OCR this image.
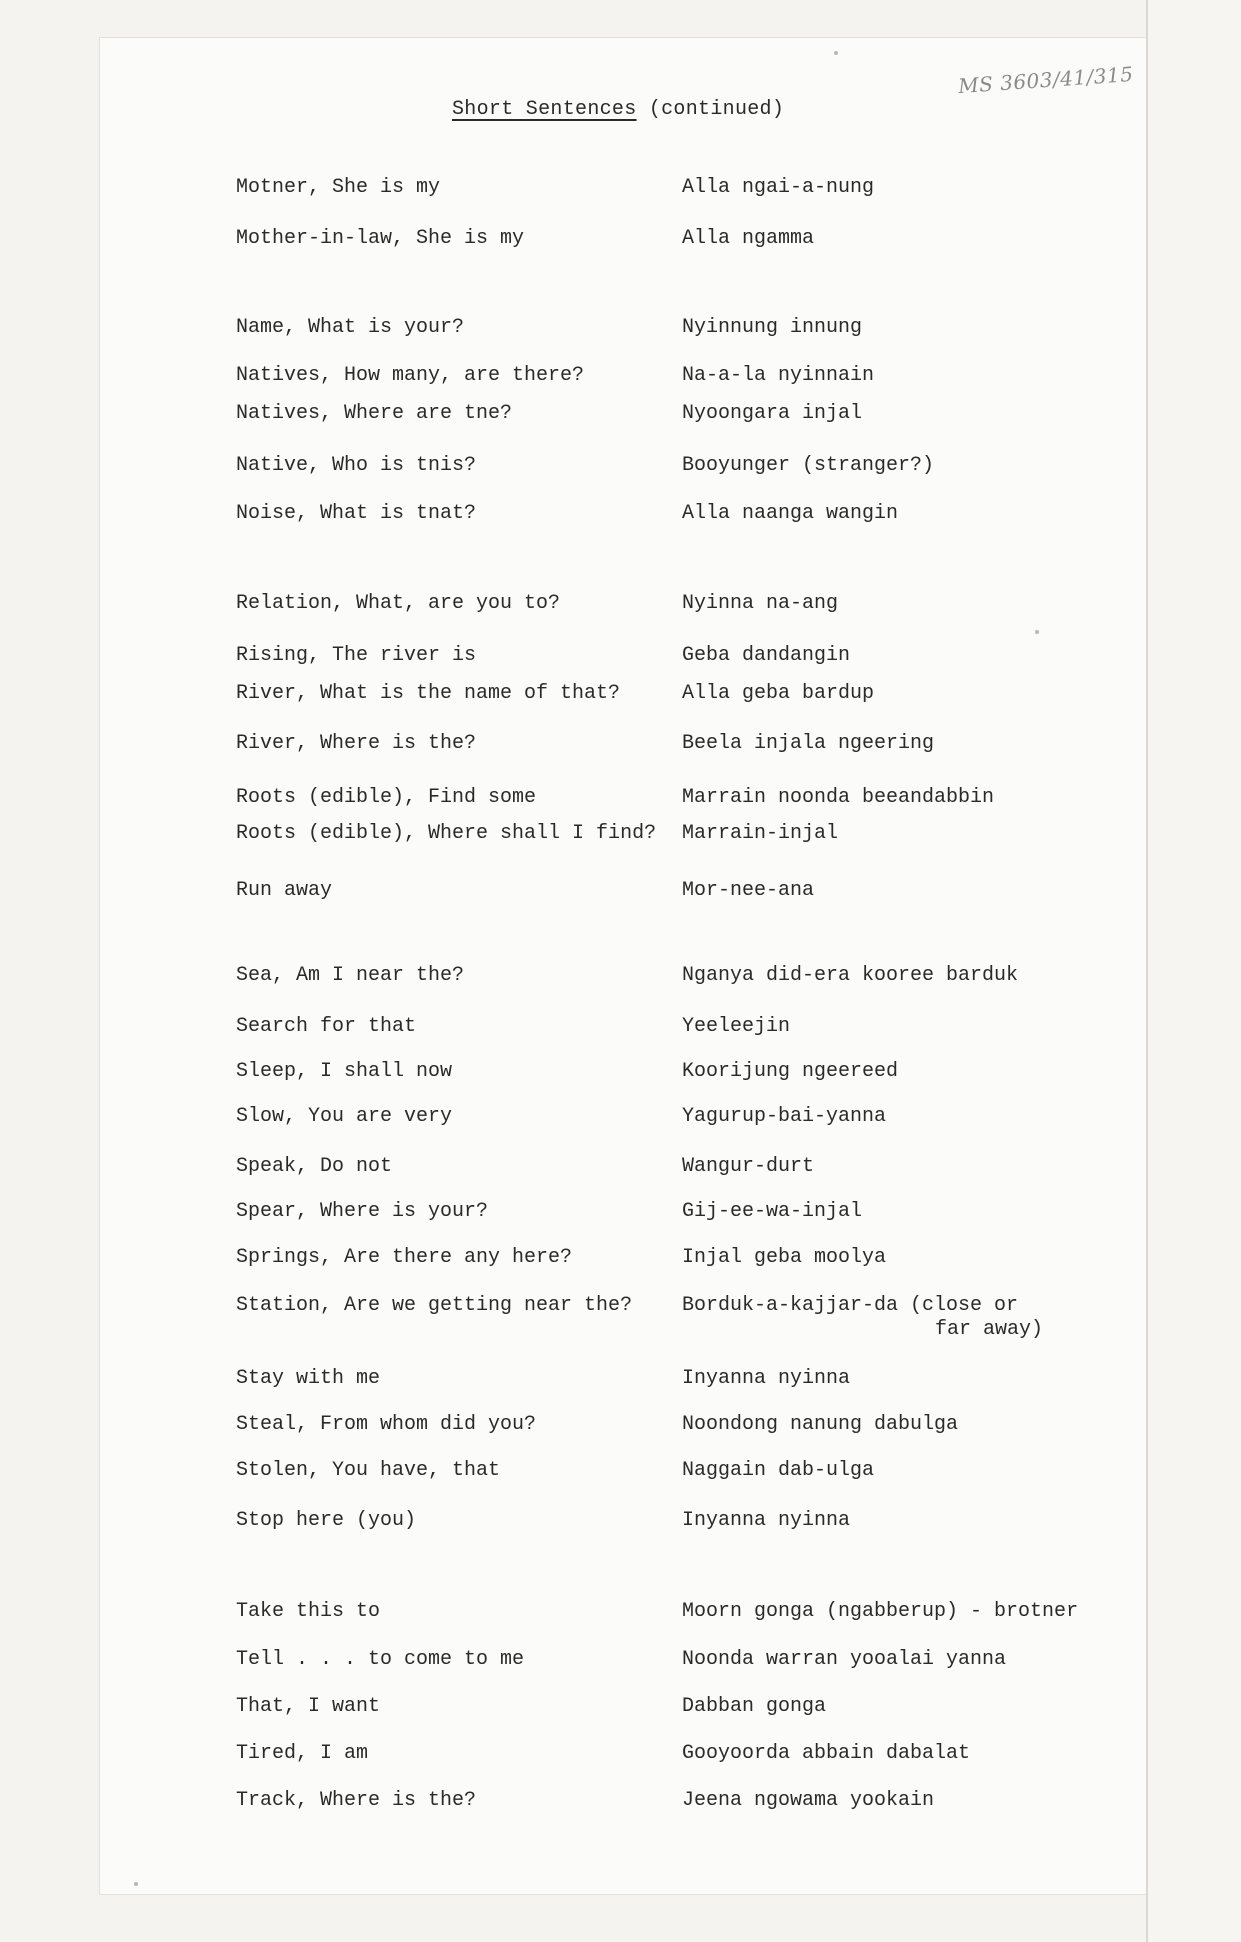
MS 3603/41/315
Short Sentences (continued)
Motner, She is my	Alla ngai-a-nung
Mother-in-law, She is my	Alla ngamma
Name, What is your?	Nyinnung innung
Natives, How many, are there?	Na-a-la nyinnain
Natives, Where are tne?	Nyoongara injal
Native, Who is tnis?	Booyunger (stranger?)
Noise, What is tnat?	Alla naanga wangin
Relation, What, are you to?	Nyinna na-ang
Rising, The river is	Geba dandangin
River, What is the name of that?	Alla geba bardup
River, Where is the?	Beela injala ngeering
Roots (edible), Find some	Marrain noonda beeandabbin
Roots (edible), Where shall I find? Marrain-injal
Run away	Mor-nee-ana
Sea, Am I near the?	Nganya did-era kooree barduk
Search for that	Yeeleejin
Sleep, I shall now	Koorijung ngeereed
Slow, You are very	Yagurup-bai-yanna
Speak, Do not	Wangur-durt
Spear, Where is your?	Gij-ee-wa-injal
Springs, Are there any here?	Injal geba moolya
Station, Are we getting near the? Borduk-a-kajjar-da (close or
far away)
Stay with me	Inyanna nyinna
Steal, From whom did you?	Noondong nanung dabulga
Stolen, You have, that	Naggain dab-ulga
Stop here (you)	Inyanna nyinna
Take this to	Moorn gonga (ngabberup) - brotner
Tell . . . to come to me	Noonda warran yooalai yanna
That, I want	Dabban gonga
Tired, I am	Gooyoorda abbain dabalat
Track, Where is the?	Jeena ngowama yookain
